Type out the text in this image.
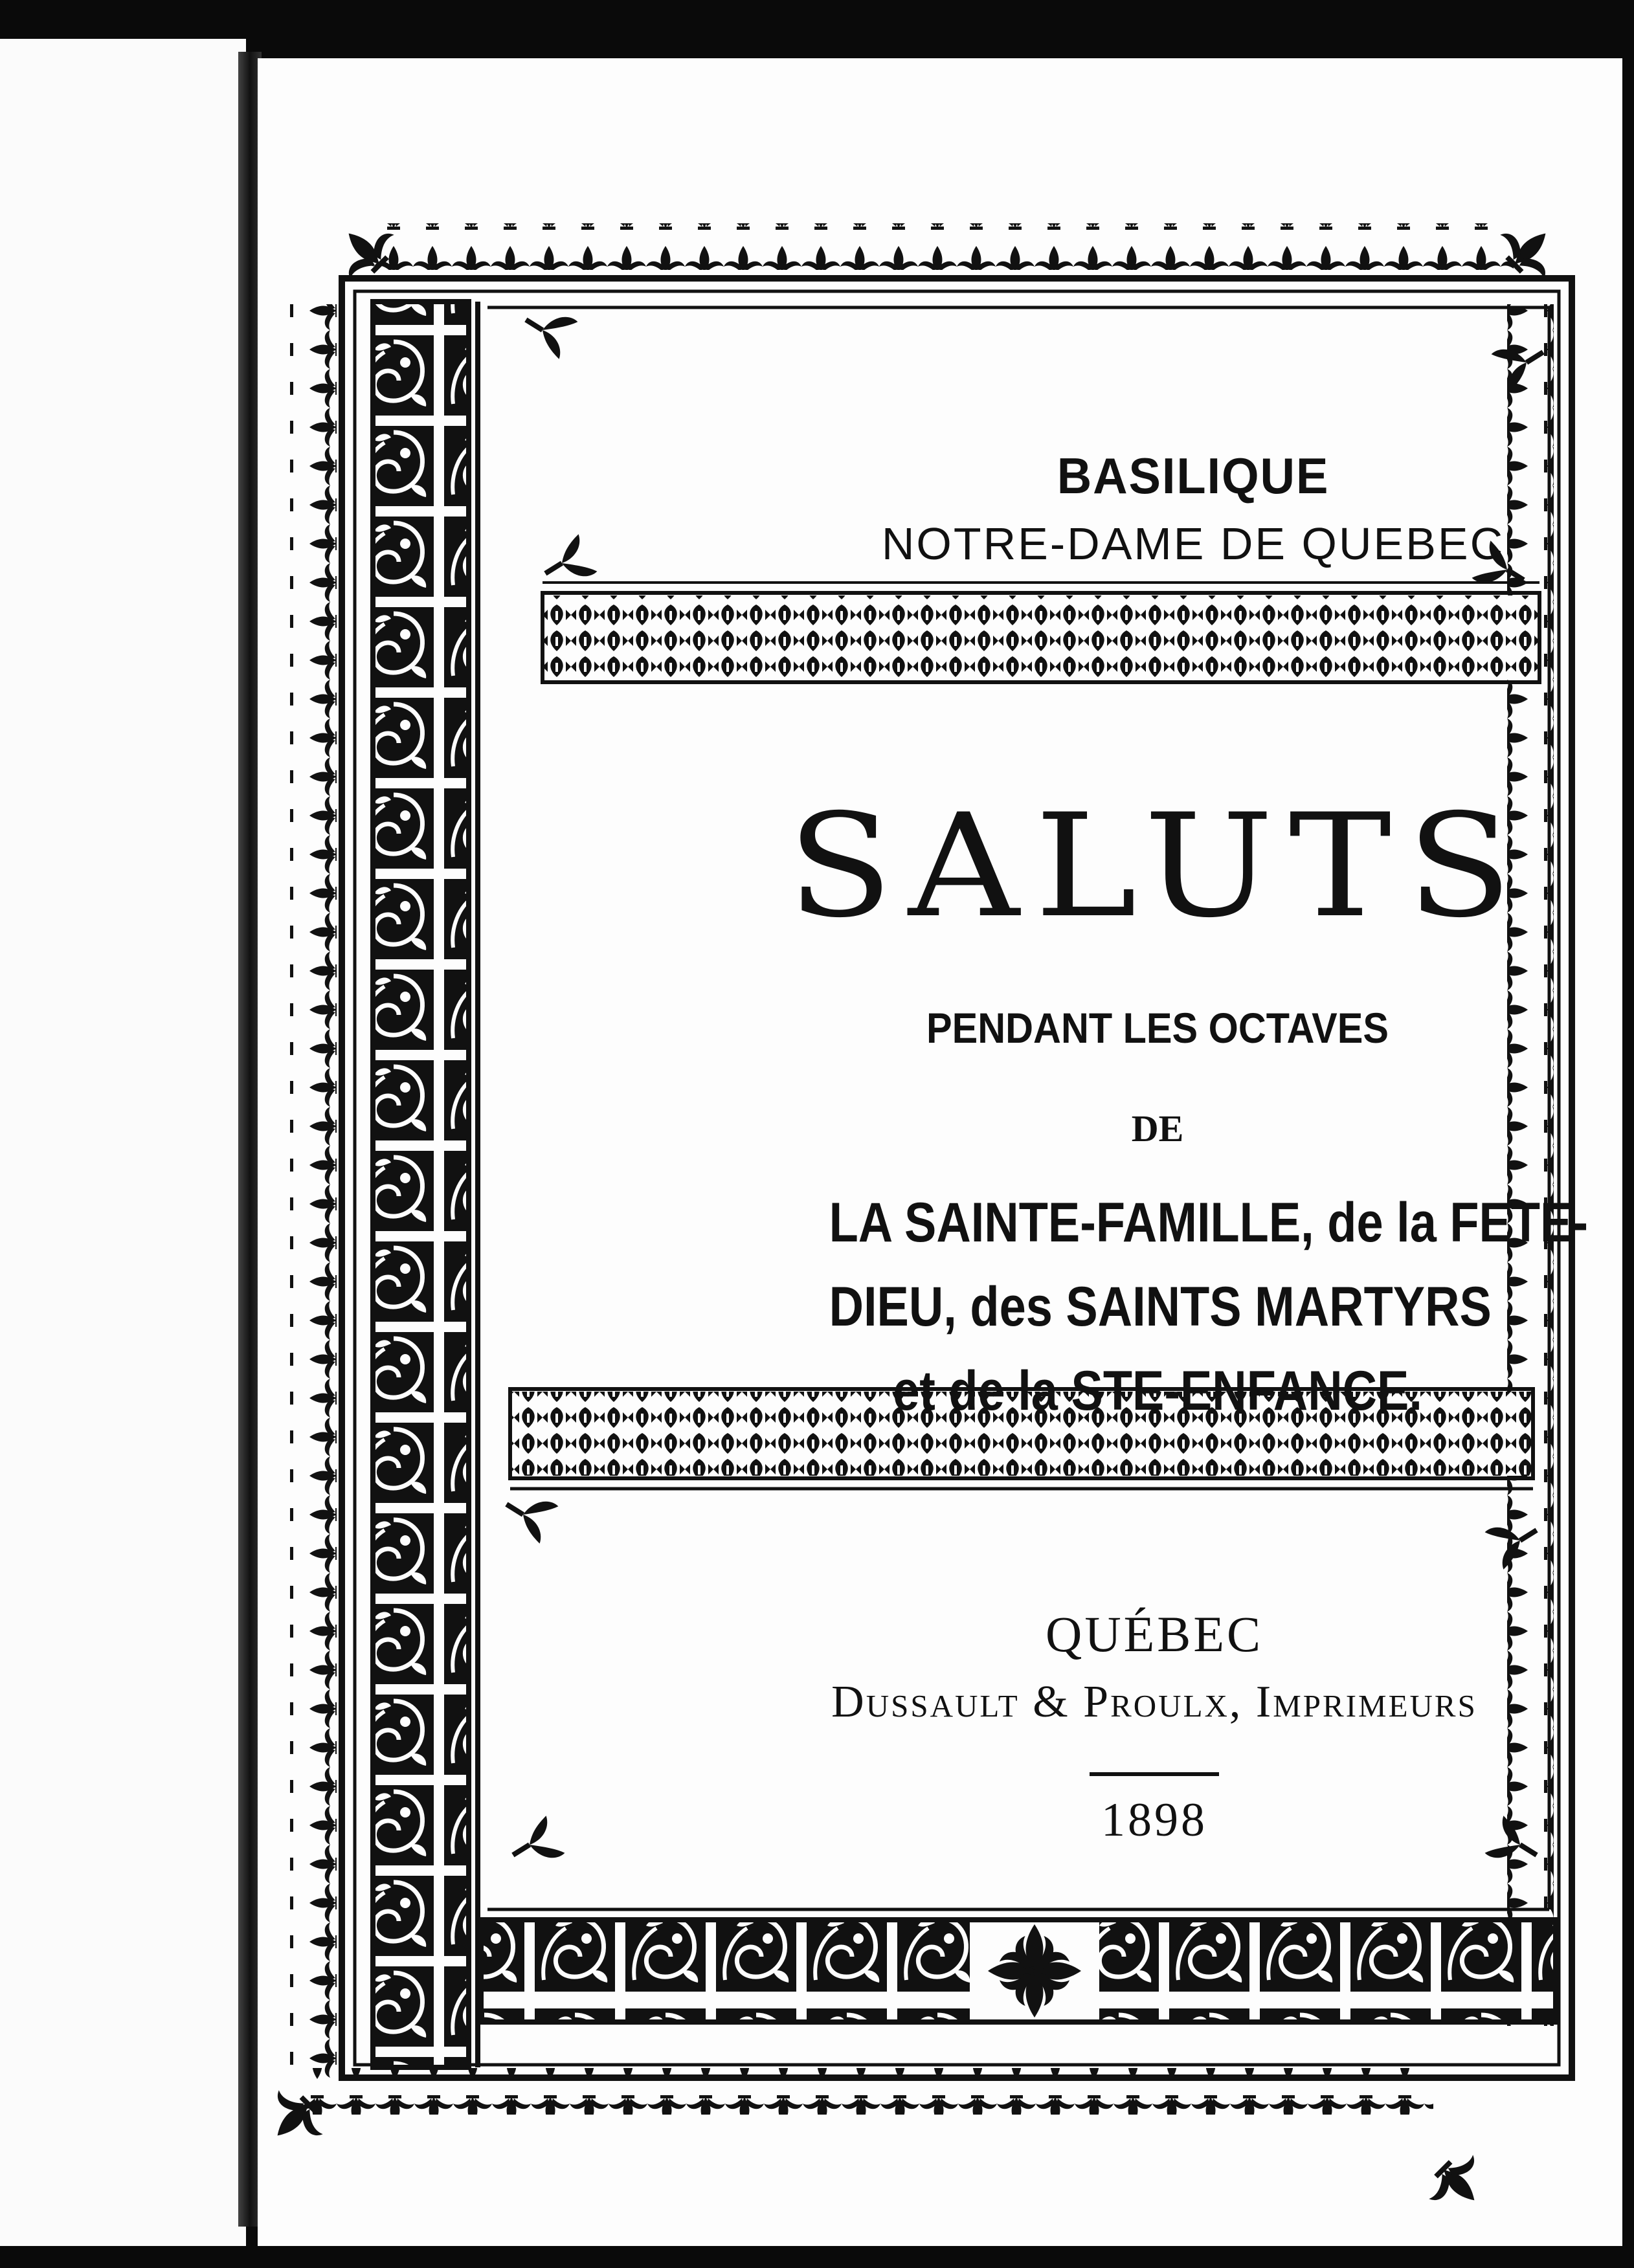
BASILIQUE
NOTRE-DAME DE QUEBEC
SALUTS
PENDANT LES OCTAVES
DE
LA SAINTE-FAMILLE, de la FETE-
DIEU, des SAINTS MARTYRS
et de la STE-ENFANCE.
QUÉBEC
Dussault & Proulx, Imprimeurs
1898
